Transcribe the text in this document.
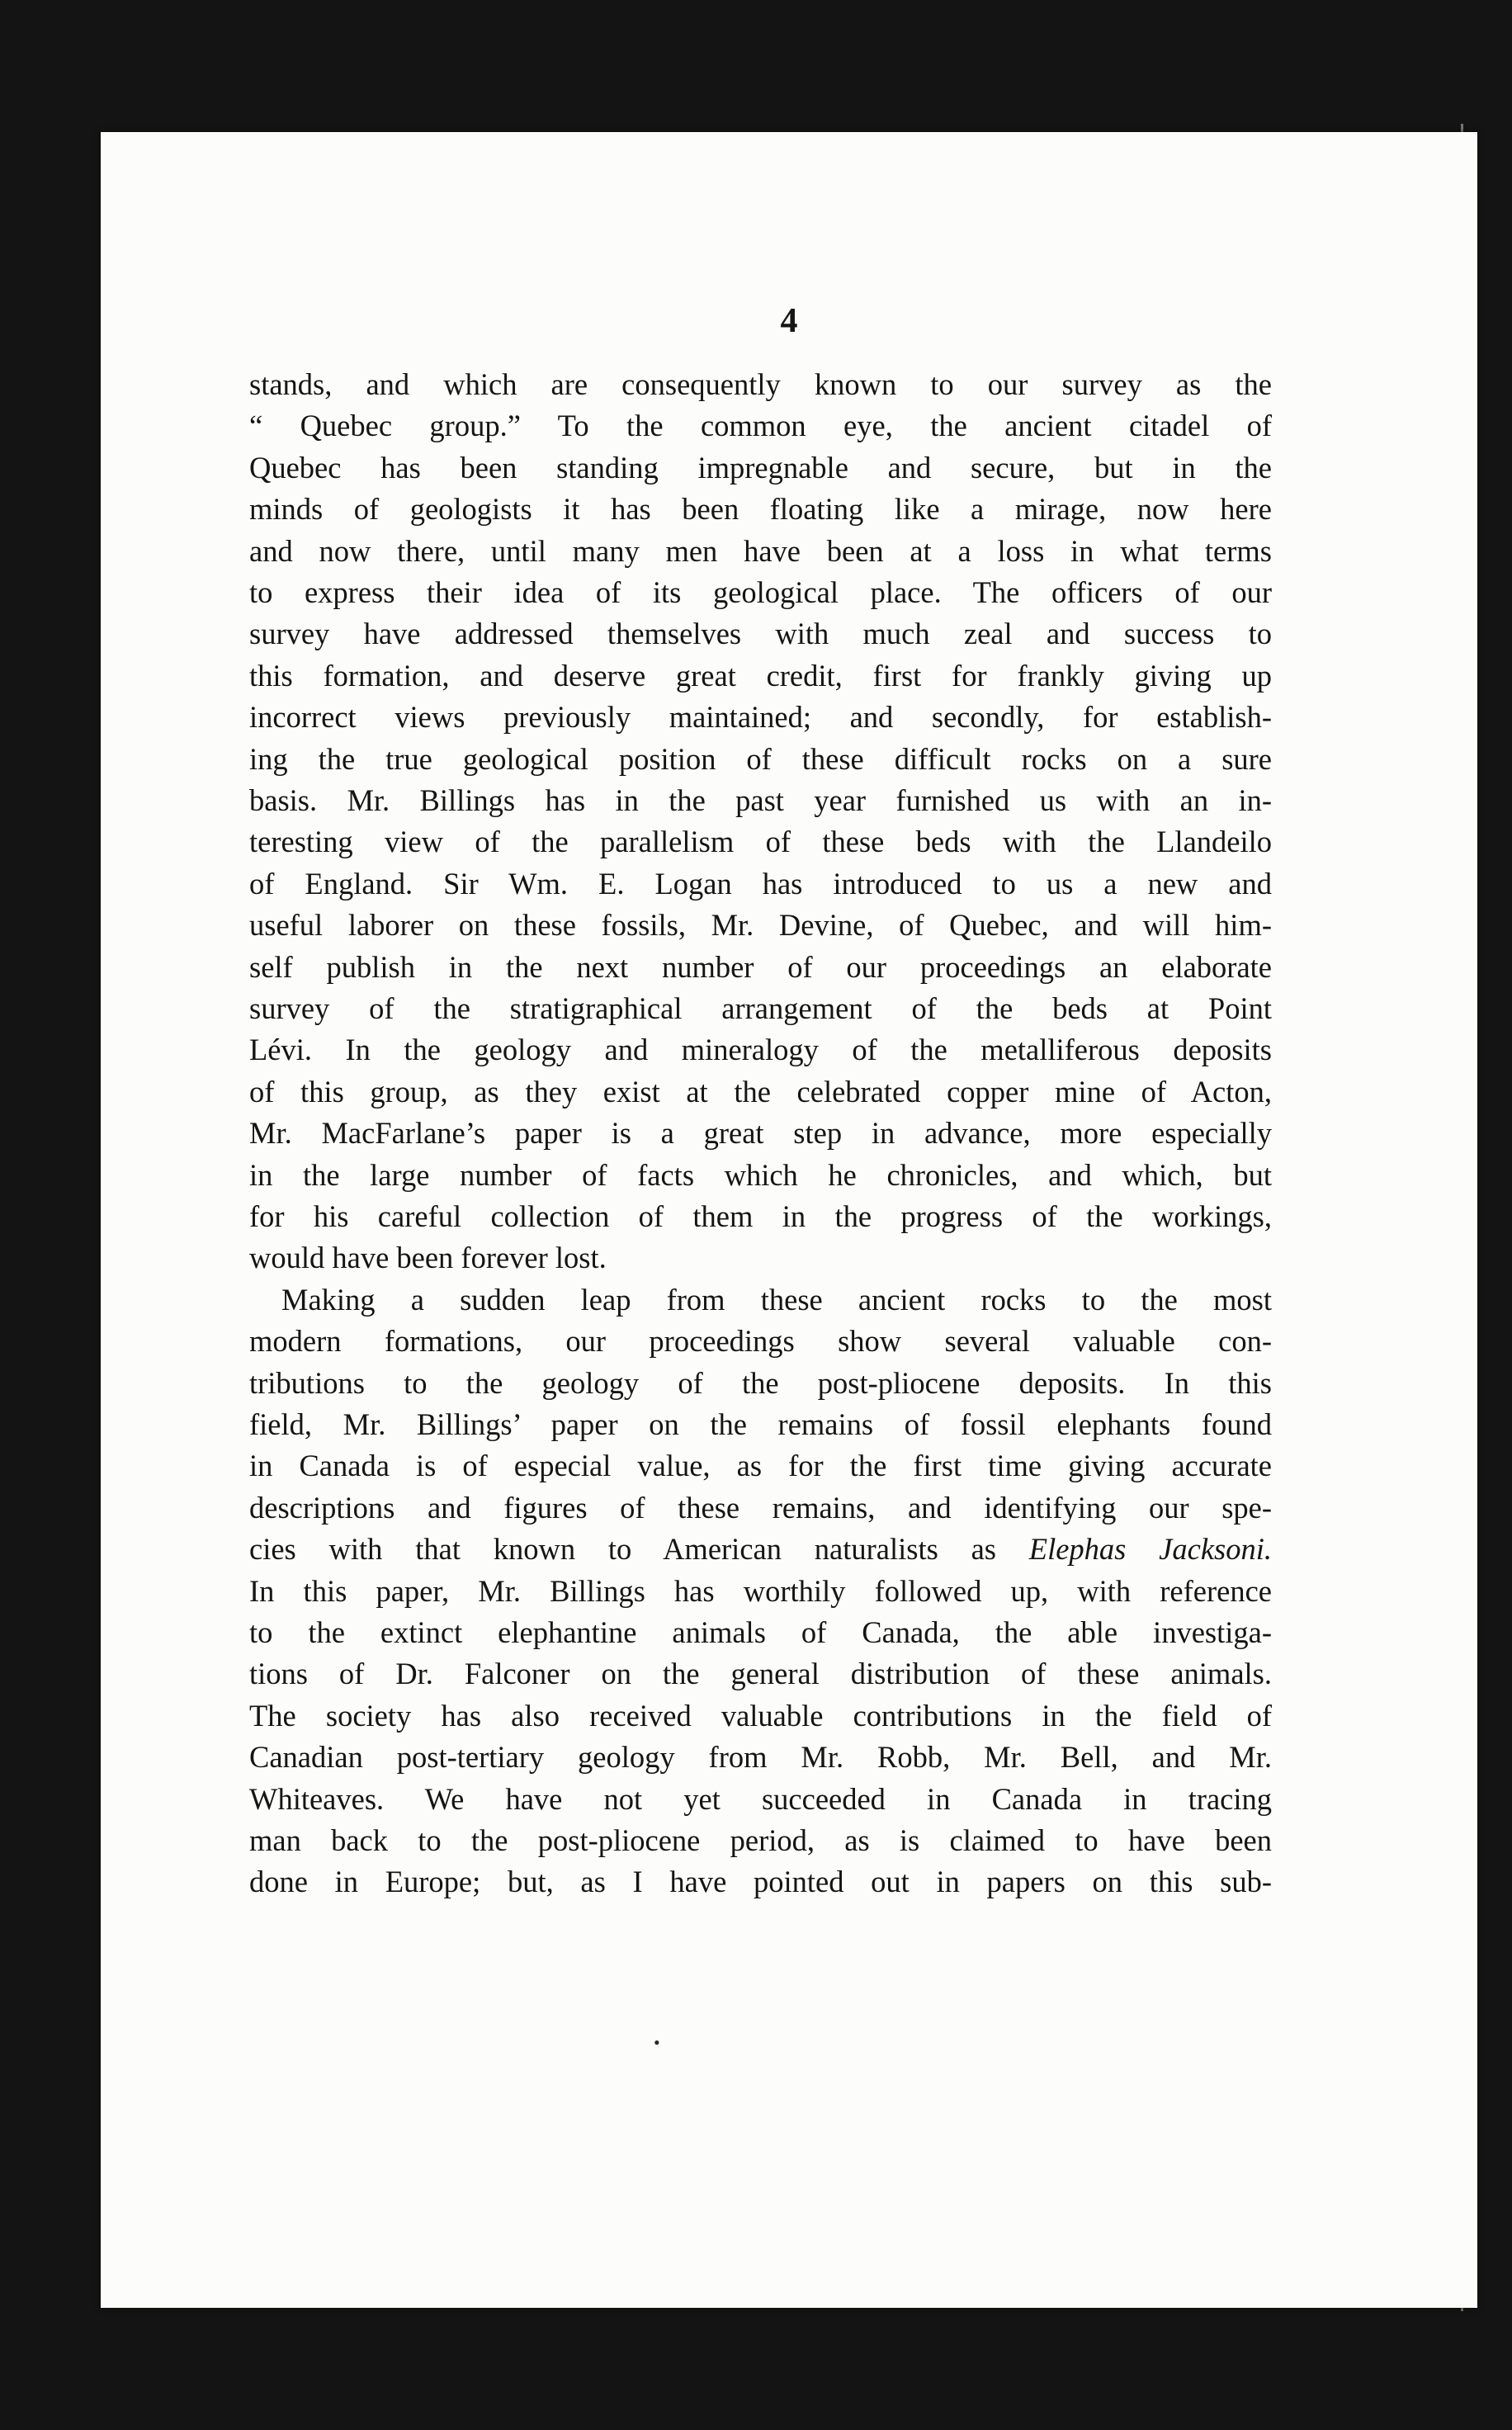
4
stands, and which are consequently known to our survey as the
“ Quebec group.” To the common eye, the ancient citadel of
Quebec has been standing impregnable and secure, but in the
minds of geologists it has been floating like a mirage, now here
and now there, until many men have been at a loss in what terms
to express their idea of its geological place. The officers of our
survey have addressed themselves with much zeal and success to
this formation, and deserve great credit, first for frankly giving up
incorrect views previously maintained; and secondly, for establish-
ing the true geological position of these difficult rocks on a sure
basis. Mr. Billings has in the past year furnished us with an in-
teresting view of the parallelism of these beds with the Llandeilo
of England. Sir Wm. E. Logan has introduced to us a new and
useful laborer on these fossils, Mr. Devine, of Quebec, and will him-
self publish in the next number of our proceedings an elaborate
survey of the stratigraphical arrangement of the beds at Point
Lévi. In the geology and mineralogy of the metalliferous deposits
of this group, as they exist at the celebrated copper mine of Acton,
Mr. MacFarlane’s paper is a great step in advance, more especially
in the large number of facts which he chronicles, and which, but
for his careful collection of them in the progress of the workings,
would have been forever lost.
Making a sudden leap from these ancient rocks to the most
modern formations, our proceedings show several valuable con-
tributions to the geology of the post-pliocene deposits. In this
field, Mr. Billings’ paper on the remains of fossil elephants found
in Canada is of especial value, as for the first time giving accurate
descriptions and figures of these remains, and identifying our spe-
cies with that known to American naturalists as Elephas Jacksoni.
In this paper, Mr. Billings has worthily followed up, with reference
to the extinct elephantine animals of Canada, the able investiga-
tions of Dr. Falconer on the general distribution of these animals.
The society has also received valuable contributions in the field of
Canadian post-tertiary geology from Mr. Robb, Mr. Bell, and Mr.
Whiteaves. We have not yet succeeded in Canada in tracing
man back to the post-pliocene period, as is claimed to have been
done in Europe; but, as I have pointed out in papers on this sub-
•
